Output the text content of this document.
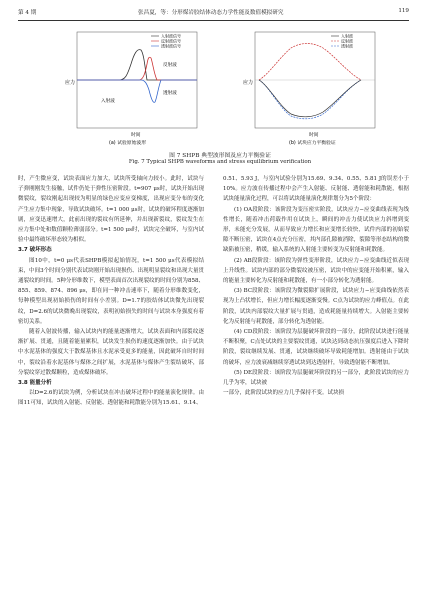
第 4 期	张昌夏，等：分形煤岩胶结体动态力学性能及数值模拟研究	119
应力
入射波
反射波
透射波
入射波信号
反射波信号
透射波信号
时间
应力
入射波
反射波
透射波
时间
(a) 试验原始波形	(b) 试块应力平衡验证
图 7 SHPB 典型波形图及应力平衡验证
Fig. 7 Typical SHPB waveforms and stress equilibrium verification

时，产生微应变，试块表面应力加大，试块所受轴向力较小。此时，试块与子弹刚刚发生接触，试件仍处于弹性压密阶段。t=907 μs时，试块开始出现微裂纹，裂纹刚起出现较为明显的绿色应变应变梯度，出现应变分布的变化产生应力集中现象，导致试块破坏。t=1 000 μs时，试块的破坏程度逐渐加剧，应变迅速增大，此前出现的裂纹有所延伸，并出现新裂纹，裂纹发生在应力集中处和数值颗粒薄弱部分。t=1 500 μs时，试块完全破坏，与室内试验中最终破坏形态较为相似。

3.7 破坏形态

图10中，t=0 μs代表SHPB模拟起始情况，t=1 500 μs代表模拟结束，中间3个时间分别代表试块刚开始出现损伤、出现明显裂纹和出现大量贯通裂纹的时间。5种分形维数下，模型表面首次出现裂纹的时间分别为858、855、859、874、896 μs，即在同一种冲击速率下，随着分形维数变化，每种模型出现初始损伤的时间有小差别。D=1.7的胶结体试块微先出现裂纹，D=2.6的试块微晚出现裂纹，表明初始损失的时间与试块本身强度有着密切关系。

随着入射波传播，输入试块内的能量逐渐增大，试块表面和内部裂纹逐渐扩展、贯通，且随着能量累积，试块发生损伤的速度逐渐加快。由于试块中水泥基体的强度大于散煤基体且水泥承受更多的能量，因此破坏自时时间中，裂纹沿着水泥基体与煤体之间扩展，水泥基体与煤体产生裂结破坏，部分裂纹穿过散煤颗粒，造成煤体破坏。

3.8 能量分析

以D=2.6的试块为例，分析试块在冲击破坏过程中的能量演化规律。由图11可知，试块的入射能、反射能、透射能和耗散能分别为15.61、9.14、

0.51、5.93 J，与室内试验分别为15.69、9.34、0.55、5.81 J的误差小于10%。应力波在传播过程中会产生入射能、反射能、透射能和耗散能，根据试块能量演化过程，可以将试块能量演化规律划分为5个阶段：

(1) OA段阶段：该阶段为变压密实阶段，试块应力−应变曲线表现为线性增长，随着冲击荷载作用在试块上，瞬间的冲击力使试块应力斜增到变形，未能充分发展，从而导致应力增长和应变增长较快，试件内部的初始裂隙不断压密，试块在4点充分压密，其内部孔隙被消除，裂隙等形态结构的微缺陷被压密，稍缓，输入系统的入射能主要转变为反射能和耗散能。

(2) AB段阶段：该阶段为弹性变形阶段，试块应力−应变曲线近似表现上升线性。试块内部的部分微裂纹被压密，试块中的应变能开始积累，输入的能量主要转化为反射能和耗散能，有一小部分转化为透射能。

(3) BC段阶段：该阶段为微裂隙扩展阶段，试块应力−应变曲线依然表现为上凸状增长，但应力增长幅度逐渐变慢。C点为试块的应力峰值点。在此阶段，试块内部裂纹大量扩展与贯通，造成耗能量持续增大。入射能主要转化为反射能与耗散能，部分转化为透射能。

(4) CD段阶段：该阶段为层腿破坏阶段的一部分，此阶段试块进行能量不断积聚，C点处试块的主要裂纹贯通，试块达到动态抗压强度后进入下降时阶段，裂纹继续发展、贯通，试块继续破坏导致耗能增加。透射能由于试块的破坏，应力波衰减继续穿透试块到达透射杆，导致透射能不断增加。

(5) DE段阶段：该阶段为层腿破坏阶段的另一部分，此阶段试块的应力几乎为零，试块被

一部分，此阶段试块的应力几乎保持不变。试块损
